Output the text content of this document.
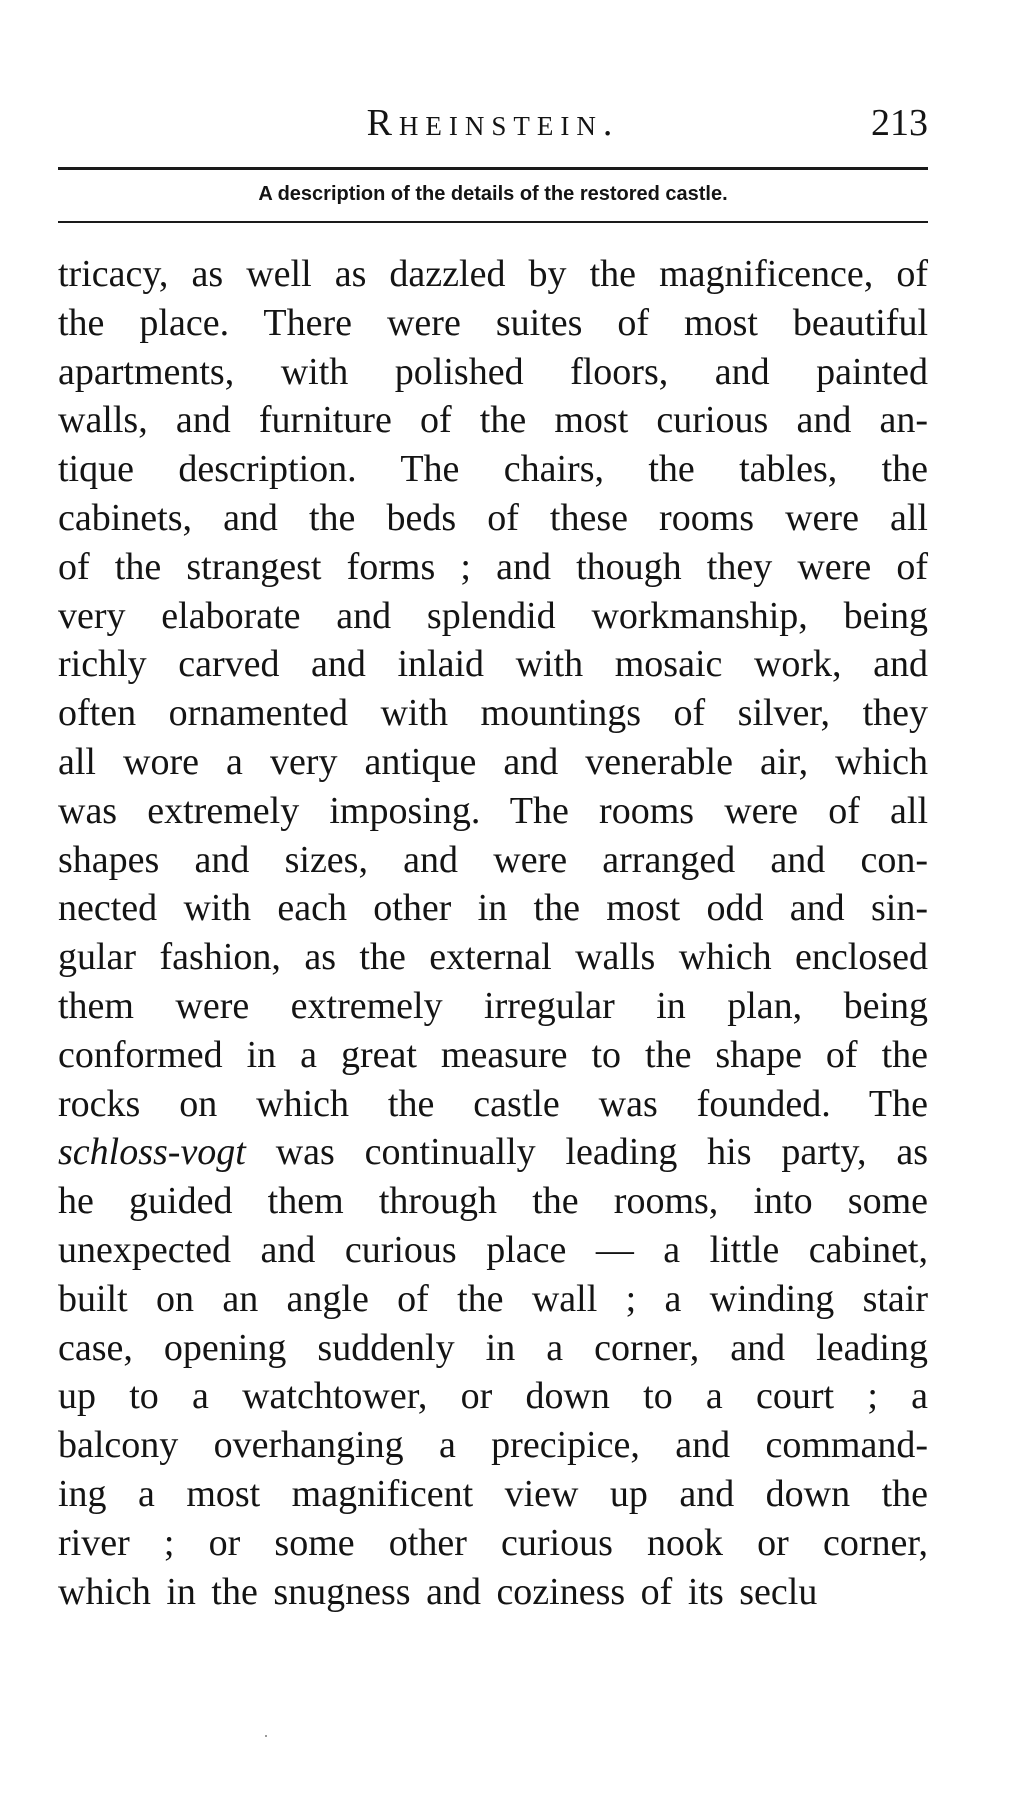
Rheinstein.	213
A description of the details of the restored castle.
tricacy, as well as dazzled by the magnificence, of
the place. There were suites of most beautiful
apartments, with polished floors, and painted
walls, and furniture of the most curious and an-
tique description. The chairs, the tables, the
cabinets, and the beds of these rooms were all
of the strangest forms ; and though they were of
very elaborate and splendid workmanship, being
richly carved and inlaid with mosaic work, and
often ornamented with mountings of silver, they
all wore a very antique and venerable air, which
was extremely imposing. The rooms were of all
shapes and sizes, and were arranged and con-
nected with each other in the most odd and sin-
gular fashion, as the external walls which enclosed
them were extremely irregular in plan, being
conformed in a great measure to the shape of the
rocks on which the castle was founded. The
schloss-vogt was continually leading his party, as
he guided them through the rooms, into some
unexpected and curious place — a little cabinet,
built on an angle of the wall ; a winding stair
case, opening suddenly in a corner, and leading
up to a watchtower, or down to a court ; a
balcony overhanging a precipice, and command-
ing a most magnificent view up and down the
river ; or some other curious nook or corner,
which in the snugness and coziness of its seclu
